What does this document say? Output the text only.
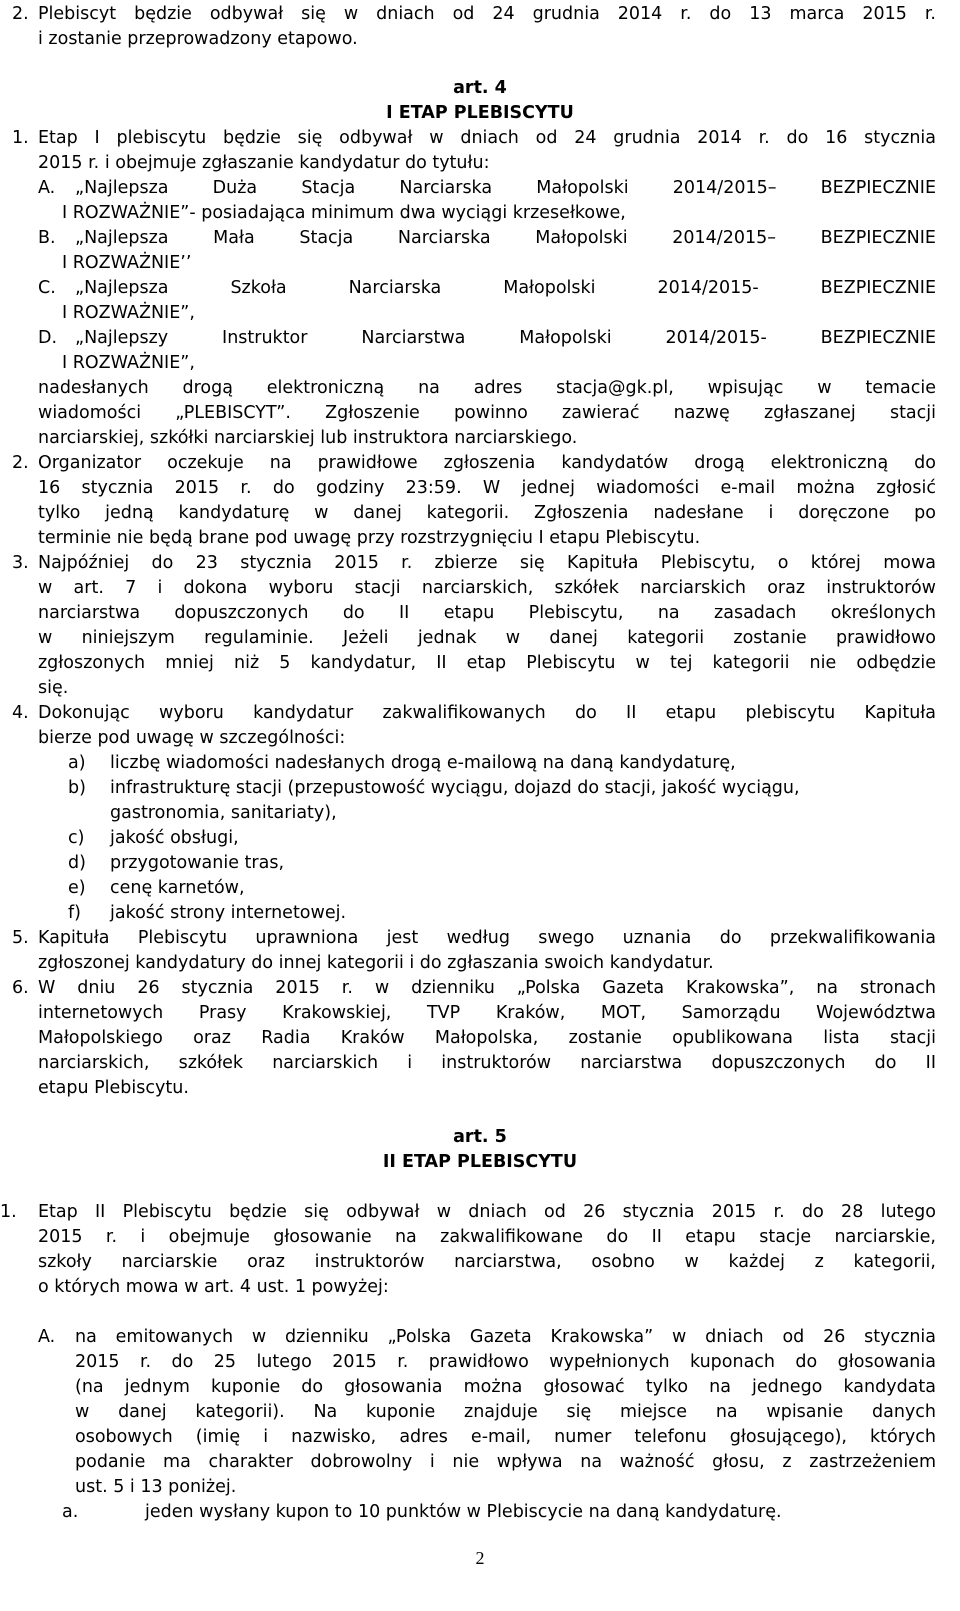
2. Plebiscyt będzie odbywał się w dniach od 24 grudnia 2014 r. do 13 marca 2015 r.
i zostanie przeprowadzony etapowo.
art. 4
I ETAP PLEBISCYTU
1. Etap I plebiscytu będzie się odbywał w dniach od 24 grudnia 2014 r. do 16 stycznia
2015 r. i obejmuje zgłaszanie kandydatur do tytułu:
A. „Najlepsza Duża Stacja Narciarska Małopolski 2014/2015– BEZPIECZNIE
I ROZWAŻNIE”- posiadająca minimum dwa wyciągi krzesełkowe,
B. „Najlepsza Mała Stacja Narciarska Małopolski 2014/2015– BEZPIECZNIE
I ROZWAŻNIE’’
C. „Najlepsza Szkoła Narciarska Małopolski 2014/2015- BEZPIECZNIE
I ROZWAŻNIE”,
D. „Najlepszy Instruktor Narciarstwa Małopolski 2014/2015- BEZPIECZNIE
I ROZWAŻNIE”,
nadesłanych drogą elektroniczną na adres stacja@gk.pl, wpisując w temacie
wiadomości „PLEBISCYT”. Zgłoszenie powinno zawierać nazwę zgłaszanej stacji
narciarskiej, szkółki narciarskiej lub instruktora narciarskiego.
2. Organizator oczekuje na prawidłowe zgłoszenia kandydatów drogą elektroniczną do
16 stycznia 2015 r. do godziny 23:59. W jednej wiadomości e-mail można zgłosić
tylko jedną kandydaturę w danej kategorii. Zgłoszenia nadesłane i doręczone po
terminie nie będą brane pod uwagę przy rozstrzygnięciu I etapu Plebiscytu.
3. Najpóźniej do 23 stycznia 2015 r. zbierze się Kapituła Plebiscytu, o której mowa
w art. 7 i dokona wyboru stacji narciarskich, szkółek narciarskich oraz instruktorów
narciarstwa dopuszczonych do II etapu Plebiscytu, na zasadach określonych
w niniejszym regulaminie. Jeżeli jednak w danej kategorii zostanie prawidłowo
zgłoszonych mniej niż 5 kandydatur, II etap Plebiscytu w tej kategorii nie odbędzie
się.
4. Dokonując wyboru kandydatur zakwalifikowanych do II etapu plebiscytu Kapituła
bierze pod uwagę w szczególności:
a) liczbę wiadomości nadesłanych drogą e-mailową na daną kandydaturę,
b) infrastrukturę stacji (przepustowość wyciągu, dojazd do stacji, jakość wyciągu,
gastronomia, sanitariaty),
c) jakość obsługi,
d) przygotowanie tras,
e) cenę karnetów,
f) jakość strony internetowej.
5. Kapituła Plebiscytu uprawniona jest według swego uznania do przekwalifikowania
zgłoszonej kandydatury do innej kategorii i do zgłaszania swoich kandydatur.
6. W dniu 26 stycznia 2015 r. w dzienniku „Polska Gazeta Krakowska”, na stronach
internetowych Prasy Krakowskiej, TVP Kraków, MOT, Samorządu Województwa
Małopolskiego oraz Radia Kraków Małopolska, zostanie opublikowana lista stacji
narciarskich, szkółek narciarskich i instruktorów narciarstwa dopuszczonych do II
etapu Plebiscytu.
art. 5
II ETAP PLEBISCYTU
1. Etap II Plebiscytu będzie się odbywał w dniach od 26 stycznia 2015 r. do 28 lutego
2015 r. i obejmuje głosowanie na zakwalifikowane do II etapu stacje narciarskie,
szkoły narciarskie oraz instruktorów narciarstwa, osobno w każdej z kategorii,
o których mowa w art. 4 ust. 1 powyżej:
A. na emitowanych w dzienniku „Polska Gazeta Krakowska” w dniach od 26 stycznia
2015 r. do 25 lutego 2015 r. prawidłowo wypełnionych kuponach do głosowania
(na jednym kuponie do głosowania można głosować tylko na jednego kandydata
w danej kategorii). Na kuponie znajduje się miejsce na wpisanie danych
osobowych (imię i nazwisko, adres e-mail, numer telefonu głosującego), których
podanie ma charakter dobrowolny i nie wpływa na ważność głosu, z zastrzeżeniem
ust. 5 i 13 poniżej.
a.	jeden wysłany kupon to 10 punktów w Plebiscycie na daną kandydaturę.
2
